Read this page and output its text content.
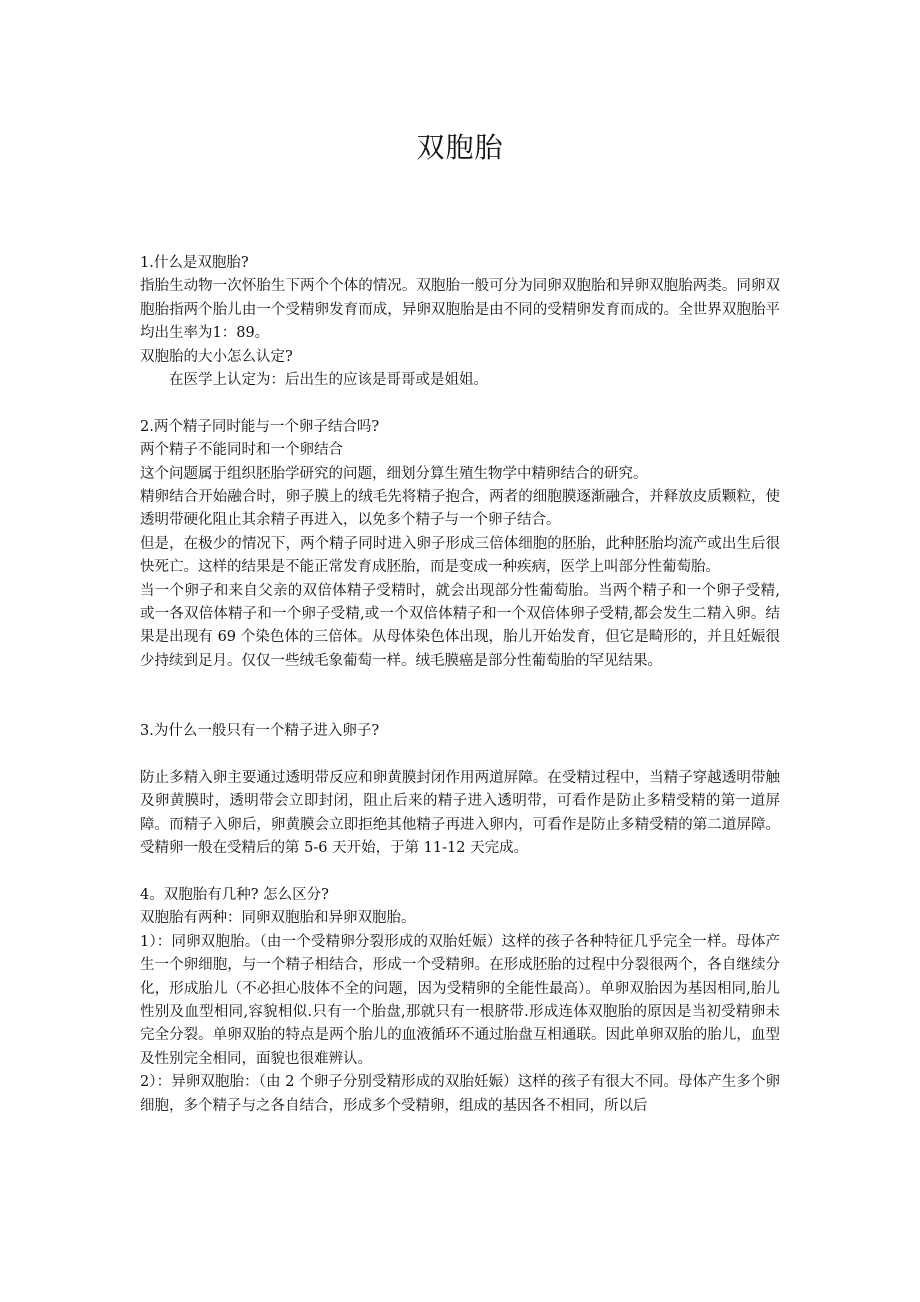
双胞胎

1.什么是双胞胎?

指胎生动物一次怀胎生下两个个体的情况。双胞胎一般可分为同卵双胞胎和异卵双胞胎两类。同卵双胞胎指两个胎儿由一个受精卵发育而成，异卵双胞胎是由不同的受精卵发育而成的。全世界双胞胎平均出生率为1：89。

双胞胎的大小怎么认定?

在医学上认定为：后出生的应该是哥哥或是姐姐。

2.两个精子同时能与一个卵子结合吗?

两个精子不能同时和一个卵结合

这个问题属于组织胚胎学研究的问题，细划分算生殖生物学中精卵结合的研究。

精卵结合开始融合时，卵子膜上的绒毛先将精子抱合，两者的细胞膜逐渐融合，并释放皮质颗粒，使透明带硬化阻止其余精子再进入，以免多个精子与一个卵子结合。

但是，在极少的情况下，两个精子同时进入卵子形成三倍体细胞的胚胎，此种胚胎均流产或出生后很快死亡。这样的结果是不能正常发育成胚胎，而是变成一种疾病，医学上叫部分性葡萄胎。

当一个卵子和来自父亲的双倍体精子受精时，就会出现部分性葡萄胎。当两个精子和一个卵子受精,或一各双倍体精子和一个卵子受精,或一个双倍体精子和一个双倍体卵子受精,都会发生二精入卵。结果是出现有 69 个染色体的三倍体。从母体染色体出现，胎儿开始发育，但它是畸形的，并且妊娠很少持续到足月。仅仅一些绒毛象葡萄一样。绒毛膜癌是部分性葡萄胎的罕见结果。

3.为什么一般只有一个精子进入卵子?

防止多精入卵主要通过透明带反应和卵黄膜封闭作用两道屏障。在受精过程中，当精子穿越透明带触及卵黄膜时，透明带会立即封闭，阻止后来的精子进入透明带，可看作是防止多精受精的第一道屏障。而精子入卵后，卵黄膜会立即拒绝其他精子再进入卵内，可看作是防止多精受精的第二道屏障。受精卵一般在受精后的第 5-6 天开始，于第 11-12 天完成。

4。双胞胎有几种? 怎么区分?

双胞胎有两种：同卵双胞胎和异卵双胞胎。

1）：同卵双胞胎。（由一个受精卵分裂形成的双胎妊娠）这样的孩子各种特征几乎完全一样。母体产生一个卵细胞，与一个精子相结合，形成一个受精卵。在形成胚胎的过程中分裂很两个，各自继续分化，形成胎儿（不必担心肢体不全的问题，因为受精卵的全能性最高）。单卵双胎因为基因相同,胎儿性别及血型相同,容貌相似.只有一个胎盘,那就只有一根脐带.形成连体双胞胎的原因是当初受精卵未完全分裂。单卵双胎的特点是两个胎儿的血液循环不通过胎盘互相通联。因此单卵双胎的胎儿，血型及性别完全相同，面貌也很难辨认。

2）：异卵双胞胎：（由 2 个卵子分别受精形成的双胎妊娠）这样的孩子有很大不同。母体产生多个卵细胞，多个精子与之各自结合，形成多个受精卵，组成的基因各不相同，所以后
